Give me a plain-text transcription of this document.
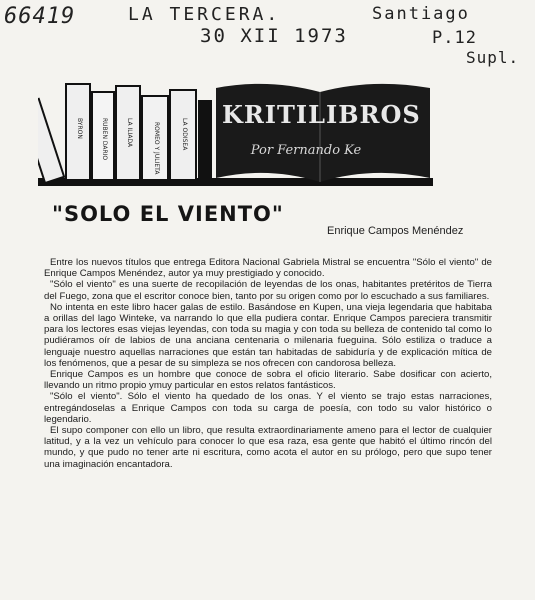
66419	LA TERCERA.	Santiago
30 XII 1973	P.12
Supl.
BYRON	RUBEN DARIO	LA ILIADA	ROMEO Y JULIETA	LA ODISEA
KRITILIBROS
Por Fernando Ke
"SOLO EL VIENTO"
Enrique Campos Menéndez

Entre los nuevos títulos que entrega Editora Nacional Gabriela Mistral se encuentra "Sólo el viento" de Enrique Campos Menéndez, autor ya muy prestigiado y conocido.

"Sólo el viento" es una suerte de recopilación de leyendas de los onas, habitantes pretéritos de Tierra del Fuego, zona que el escritor conoce bien, tanto por su origen como por lo escuchado a sus familiares.

No intenta en este libro hacer galas de estilo. Basándose en Kupen, una vieja legendaria que habitaba a orillas del lago Winteke, va narrando lo que ella pudiera contar. Enrique Campos pareciera transmitir para los lectores esas viejas leyendas, con toda su magia y con toda su belleza de contenido tal como lo pudiéramos oír de labios de una anciana centenaria o milenaria fueguina. Sólo estiliza o traduce a lenguaje nuestro aquellas narraciones que están tan habitadas de sabiduría y de explicación mítica de los fenómenos, que a pesar de su simpleza se nos ofrecen con candorosa belleza.

Enrique Campos es un hombre que conoce de sobra el oficio literario. Sabe dosificar con acierto, llevando un ritmo propio ymuy particular en estos relatos fantásticos.

"Sólo el viento". Sólo el viento ha quedado de los onas. Y el viento se trajo estas narraciones, entregándoselas a Enrique Campos con toda su carga de poesía, con todo su valor histórico o legendario.

El supo componer con ello un libro, que resulta extraordinariamente ameno para el lector de cualquier latitud, y a la vez un vehículo para conocer lo que esa raza, esa gente que habitó el último rincón del mundo, y que pudo no tener arte ni escritura, como acota el autor en su prólogo, pero que supo tener una imaginación encantadora.
